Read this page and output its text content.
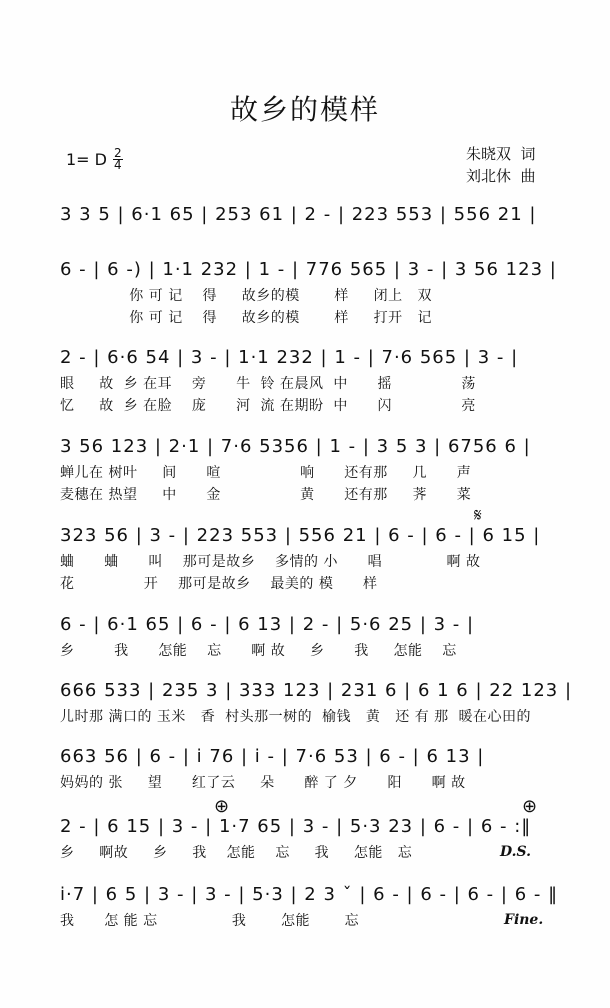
故乡的模样
1= D $\frac{2}{4}$	朱晓双  词
刘北休  曲
3 3 5 | 6·1 65 | 253 61 | 2 - | 223 553 | 556 21 |
6 - | 6 -) | 1·1 232 | 1 - | 776 565 | 3 - | 3 56 123 |
你 可 记    得     故乡的模       样     闭上   双
你 可 记    得     故乡的模       样     打开   记
2 - | 6·6 54 | 3 - | 1·1 232 | 1 - | 7·6 565 | 3 - |
眼     故  乡 在耳    旁      牛  铃 在晨风  中      摇              荡
忆     故  乡 在脸    庞      河  流 在期盼  中      闪              亮
3 56 123 | 2·1 | 7·6 5356 | 1 - | 3 5 3 | 6756 6 |
蝉儿在 树叶     间      喧                响      还有那     几      声
麦穗在 热望     中      金                黄      还有那     荠      菜
𝄋
323 56 | 3 - | 223 553 | 556 21 | 6 - | 6 - | 6 15 |
蛐      蛐      叫    那可是故乡    多情的 小      唱             啊 故
花              开    那可是故乡    最美的 模      样
6 - | 6·1 65 | 6 - | 6 13 | 2 - | 5·6 25 | 3 - |
乡        我      怎能    忘      啊 故     乡      我     怎能    忘
666 533 | 235 3 | 333 123 | 231 6 | 6 1 6 | 22 123 |
儿时那 满口的 玉米   香  村头那一树的  榆钱   黄   还 有 那  暖在心田的
663 56 | 6 - | i 76 | i - | 7·6 53 | 6 - | 6 13 |
妈妈的 张     望      红了云     朵      醉 了 夕      阳      啊 故
⊕	⊕
2 - | 6 15 | 3 - | 1·7 65 | 3 - | 5·3 23 | 6 - | 6 - :‖
乡     啊故     乡     我    怎能    忘     我     怎能   忘	D.S.
i·7 | 6 5 | 3 - | 3 - | 5·3 | 2 3 ˇ | 6 - | 6 - | 6 - | 6 - ‖
我      怎 能 忘               我       怎能       忘	Fine.
